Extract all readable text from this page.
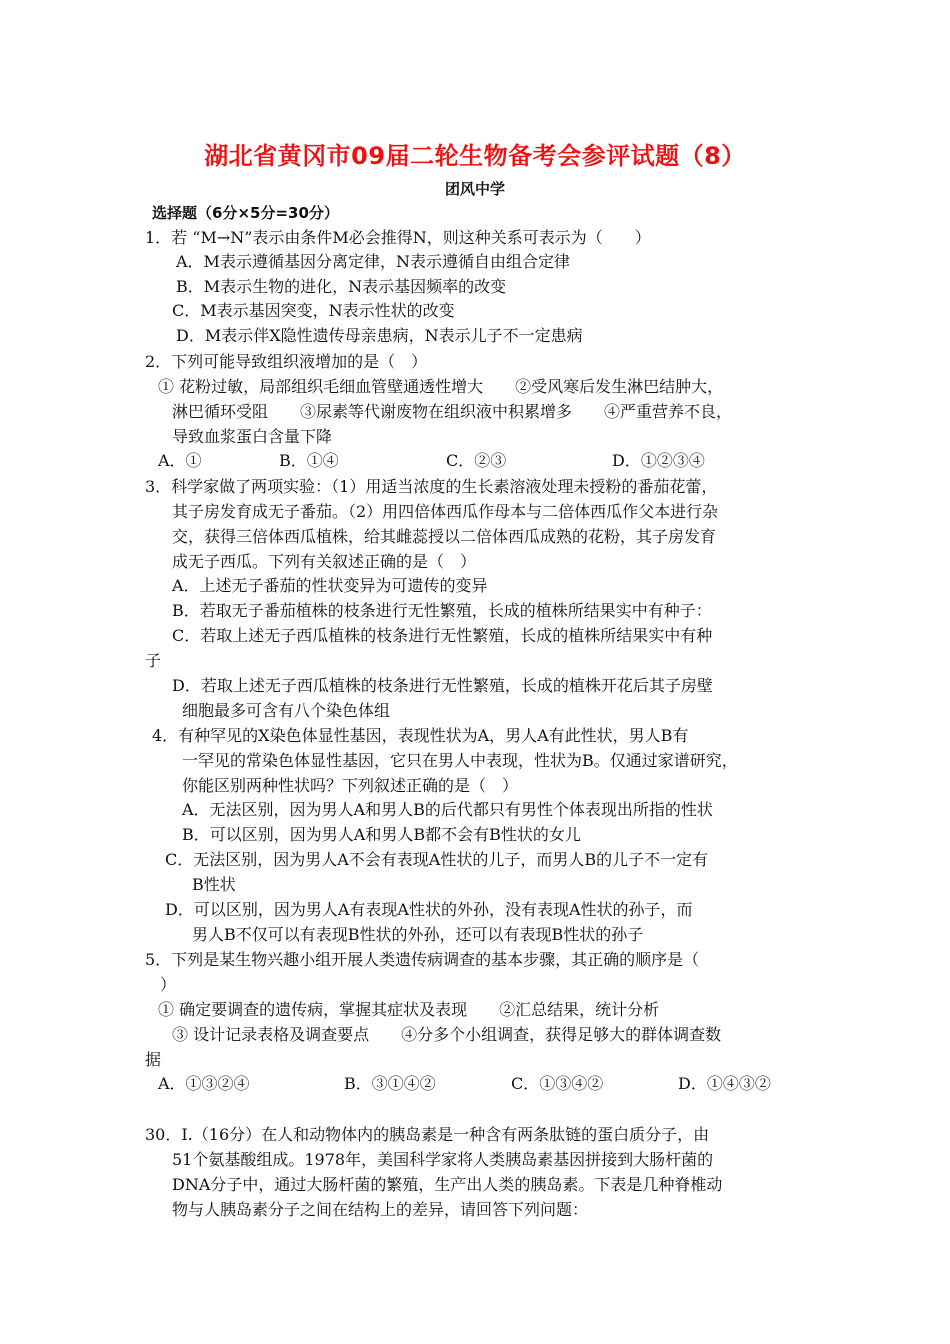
湖北省黄冈市09届二轮生物备考会参评试题（8）
团风中学
选择题（6分×5分=30分）
1．若 “M→N”表示由条件M必会推得N，则这种关系可表示为（　　）
A．M表示遵循基因分离定律，N表示遵循自由组合定律
B．M表示生物的进化，N表示基因频率的改变
C．M表示基因突变，N表示性状的改变
D．M表示伴X隐性遗传母亲患病，N表示儿子不一定患病
2．下列可能导致组织液增加的是（　）
① 花粉过敏，局部组织毛细血管壁通透性增大　　②受风寒后发生淋巴结肿大，
淋巴循环受阻　　③尿素等代谢废物在组织液中积累增多　　④严重营养不良，
导致血浆蛋白含量下降
A．①	B．①④	C．②③	D．①②③④
3．科学家做了两项实验：（1）用适当浓度的生长素溶液处理未授粉的番茄花蕾，
其子房发育成无子番茄。（2）用四倍体西瓜作母本与二倍体西瓜作父本进行杂
交，获得三倍体西瓜植株，给其雌蕊授以二倍体西瓜成熟的花粉，其子房发育
成无子西瓜。下列有关叙述正确的是（　）
A．上述无子番茄的性状变异为可遗传的变异
B．若取无子番茄植株的枝条进行无性繁殖，长成的植株所结果实中有种子：
C．若取上述无子西瓜植株的枝条进行无性繁殖，长成的植株所结果实中有种
子
D．若取上述无子西瓜植株的枝条进行无性繁殖，长成的植株开花后其子房壁
细胞最多可含有八个染色体组
4．有种罕见的X染色体显性基因，表现性状为A，男人A有此性状，男人B有
一罕见的常染色体显性基因，它只在男人中表现，性状为B。仅通过家谱研究，
你能区别两种性状吗？下列叙述正确的是（　）
A．无法区别，因为男人A和男人B的后代都只有男性个体表现出所指的性状
B．可以区别，因为男人A和男人B都不会有B性状的女儿
C．无法区别，因为男人A不会有表现A性状的儿子，而男人B的儿子不一定有
B性状
D．可以区别，因为男人A有表现A性状的外孙，没有表现A性状的孙子，而
男人B不仅可以有表现B性状的外孙，还可以有表现B性状的孙子
5．下列是某生物兴趣小组开展人类遗传病调查的基本步骤，其正确的顺序是（
）
① 确定要调查的遗传病，掌握其症状及表现　　②汇总结果，统计分析
③ 设计记录表格及调查要点　　④分多个小组调查，获得足够大的群体调查数
据
A．①③②④	B．③①④②	C．①③④②	D．①④③②
30．Ⅰ.（16分）在人和动物体内的胰岛素是一种含有两条肽链的蛋白质分子，由
51个氨基酸组成。1978年，美国科学家将人类胰岛素基因拼接到大肠杆菌的
DNA分子中，通过大肠杆菌的繁殖，生产出人类的胰岛素。下表是几种脊椎动
物与人胰岛素分子之间在结构上的差异，请回答下列问题：
